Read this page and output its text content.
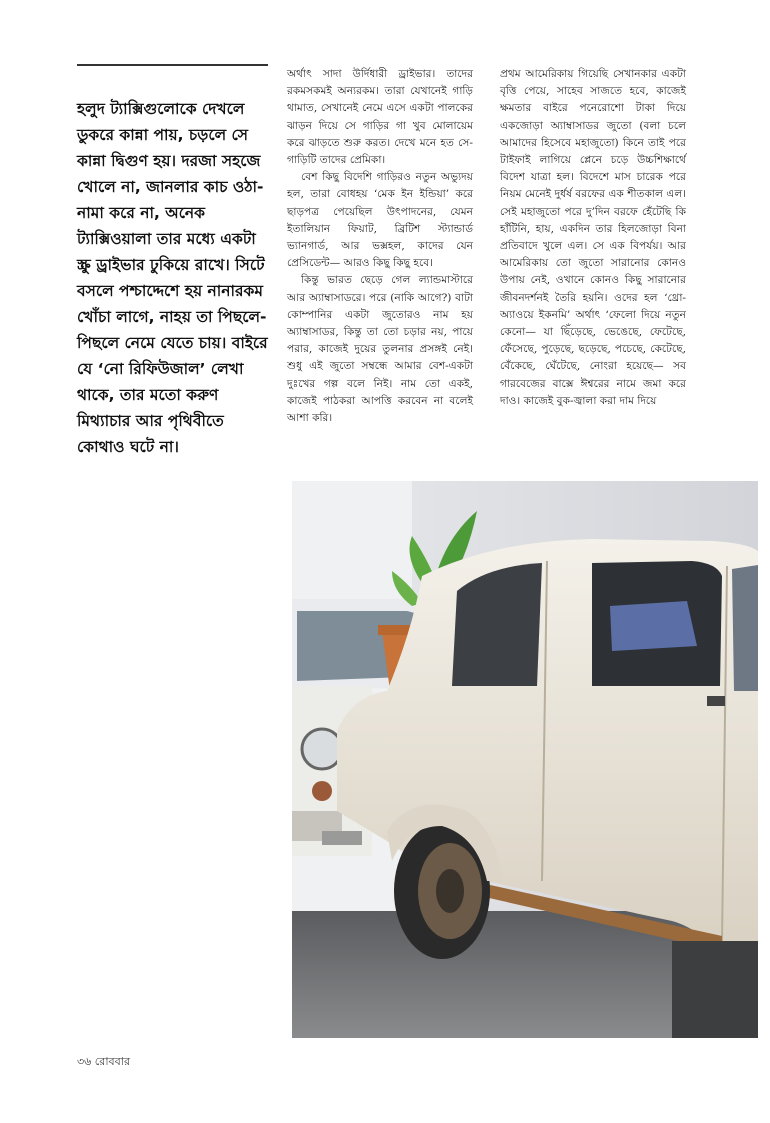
হলুদ ট্যাক্সিগুলোকে দেখলে ডুকরে কান্না পায়, চড়লে সে কান্না দ্বিগুণ হয়। দরজা সহজে খোলে না, জানলার কাচ ওঠা-নামা করে না, অনেক ট্যাক্সিওয়ালা তার মধ্যে একটা স্ক্রু ড্রাইভার ঢুকিয়ে রাখে। সিটে বসলে পশ্চাদ্দেশে হয় নানারকম খোঁচা লাগে, নাহয় তা পিছলে-পিছলে নেমে যেতে চায়। বাইরে যে ‘নো রিফিউজাল’ লেখা থাকে, তার মতো করুণ মিথ্যাচার আর পৃথিবীতে কোথাও ঘটে না।

অর্থাৎ সাদা উর্দিধারী ড্রাইভার। তাদের রকমসকমই অন্যরকম। তারা যেখানেই গাড়ি থামাত, সেখানেই নেমে এসে একটা পালকের ঝাড়ন দিয়ে সে গাড়ির গা খুব মোলায়েম করে ঝাড়তে শুরু করত। দেখে মনে হত সে-গাড়িটি তাদের প্রেমিকা।

বেশ কিছু বিদেশি গাড়িরও নতুন অভ্যুদয় হল, তারা বোধহয় ‘মেক ইন ইন্ডিয়া’ করে ছাড়পত্র পেয়েছিল উৎপাদনের, যেমন ইতালিয়ান ফিয়াট, ব্রিটিশ স্ট্যান্ডার্ড ভ্যানগার্ড, আর ভক্সহল, কাদের যেন প্রেসিডেন্ট— আরও কিছু কিছু হবে।

কিন্তু ভারত ছেড়ে গেল ল্যান্ডমাস্টারে আর অ্যাম্বাসাডরে। পরে (নাকি আগে?) বাটা কোম্পানির একটা জুতোরও নাম হয় অ্যাম্বাসাডর, কিন্তু তা তো চড়ার নয়, পায়ে পরার, কাজেই দুয়ের তুলনার প্রসঙ্গই নেই। শুধু এই জুতো সম্বন্ধে আমার বেশ-একটা দুঃখের গল্প বলে নিই। নাম তো একই, কাজেই পাঠকরা আপত্তি করবেন না বলেই আশা করি।

প্রথম আমেরিকায় গিয়েছি সেখানকার একটা বৃত্তি পেয়ে, সাহেব সাজতে হবে, কাজেই ক্ষমতার বাইরে পনেরোশো টাকা দিয়ে একজোড়া অ্যাম্বাসাডর জুতো (বলা চলে আমাদের হিসেবে মহাজুতো) কিনে তাই পরে টাইফাই লাগিয়ে প্লেনে চড়ে উচ্চশিক্ষার্থে বিদেশ যাত্রা হল। বিদেশে মাস চারেক পরে নিয়ম মেনেই দুর্ধর্ষ বরফের এক শীতকাল এল। সেই মহাজুতো পরে দু’দিন বরফে হেঁটেছি কি হাঁটিনি, হায়, একদিন তার হিলজোড়া বিনা প্রতিবাদে খুলে এল। সে এক বিপর্যয়। আর আমেরিকায় তো জুতো সারানোর কোনও উপায় নেই, ওখানে কোনও কিছু সারানোর জীবনদর্শনই তৈরি হয়নি। ওদের হল ‘থ্রো-অ্যাওয়ে ইকনমি’ অর্থাৎ ‘ফেলো দিয়ে নতুন কেনো— যা ছিঁড়েছে, ভেঙেছে, ফেটেছে, ফেঁসেছে, পুড়েছে, ছড়েছে, পচেছে, কেটেছে, বেঁকেছে, ঘেঁটেছে, নোংরা হয়েছে— সব গারবেজের বাক্সে ঈশ্বরের নামে জমা করে দাও। কাজেই বুক-জ্বালা করা দাম দিয়ে

৩৬ রোববার
